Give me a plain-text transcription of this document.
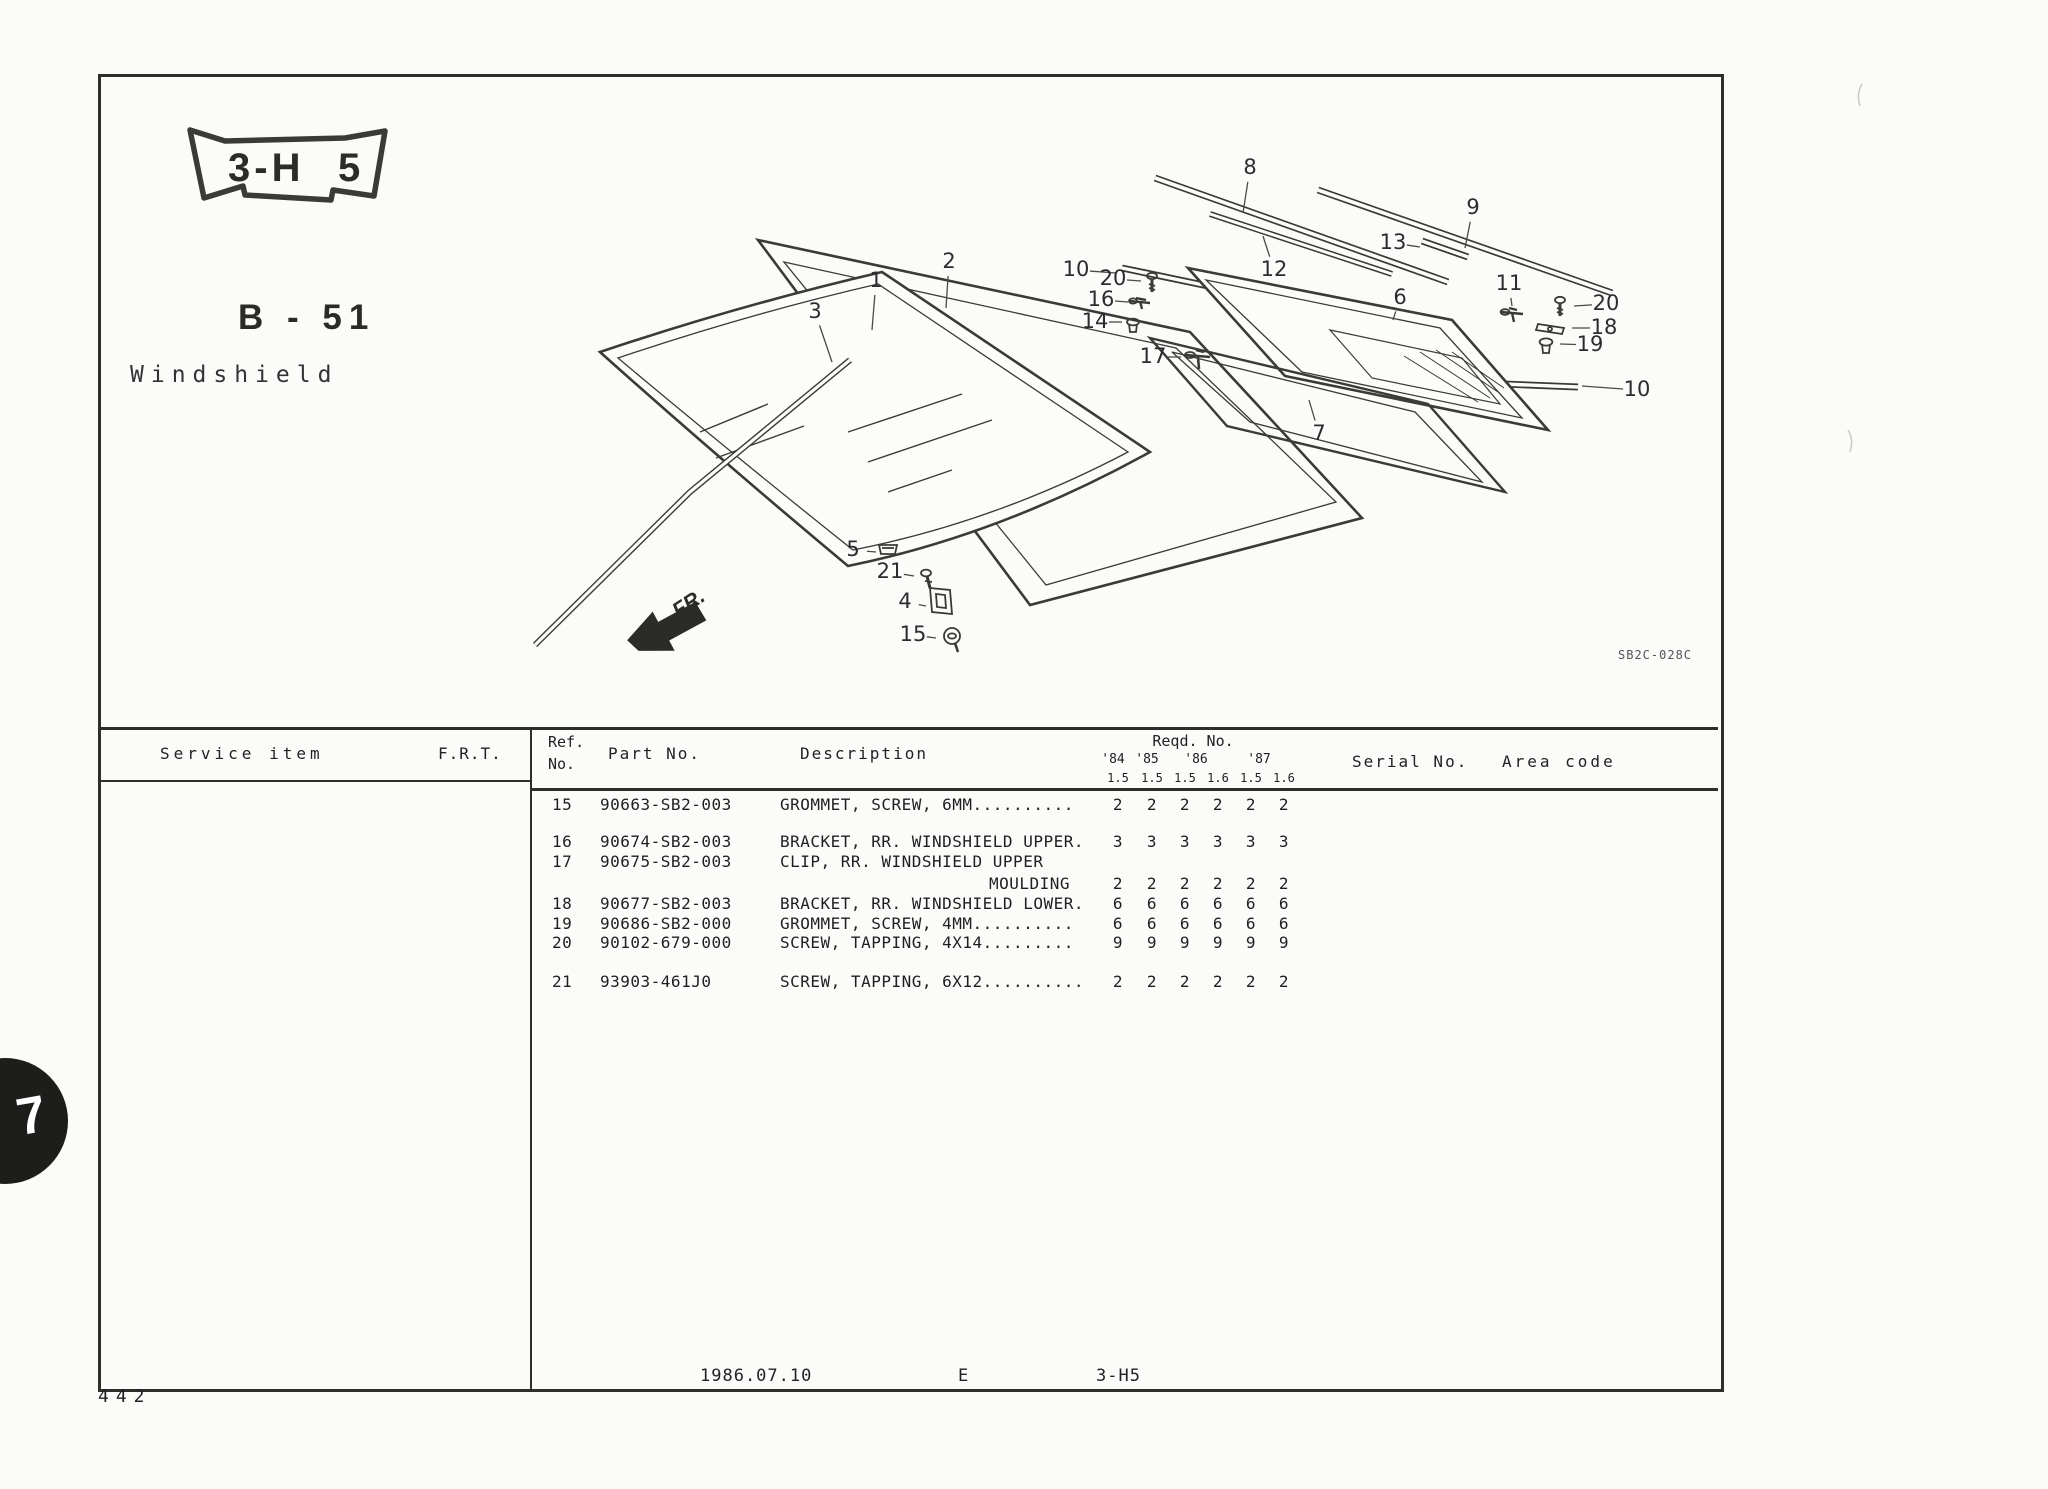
3-H 5
B - 51
Windshield
FR.
SB2C-028C
Service item	F.R.T.
Ref.
No.
Part No.	Description
Reqd. No.
Serial No. Area code
'84 '85	'86	'87
1.5	1.5 1.5 1.6 1.5 1.6
15 90663-SB2-003	GROMMET, SCREW, 6MM..........	2	2	2	2	2	2
16 90674-SB2-003	BRACKET, RR. WINDSHIELD UPPER.	3	3	3	3	3	3
17 90675-SB2-003	CLIP, RR. WINDSHIELD UPPER
MOULDING	2	2	2	2	2	2
18 90677-SB2-003	BRACKET, RR. WINDSHIELD LOWER.	6	6	6	6	6	6
19 90686-SB2-000	GROMMET, SCREW, 4MM..........	6	6	6	6	6	6
20 90102-679-000	SCREW, TAPPING, 4X14.........	9	9	9	9	9	9
21 93903-461J0	SCREW, TAPPING, 6X12..........	2	2	2	2	2	2
1
2
3
5
21
4
15
8
12
13
9
10 20
16
14
17
6
11
20
18
19
10
7
1986.07.10	E	3-H5
442
7
